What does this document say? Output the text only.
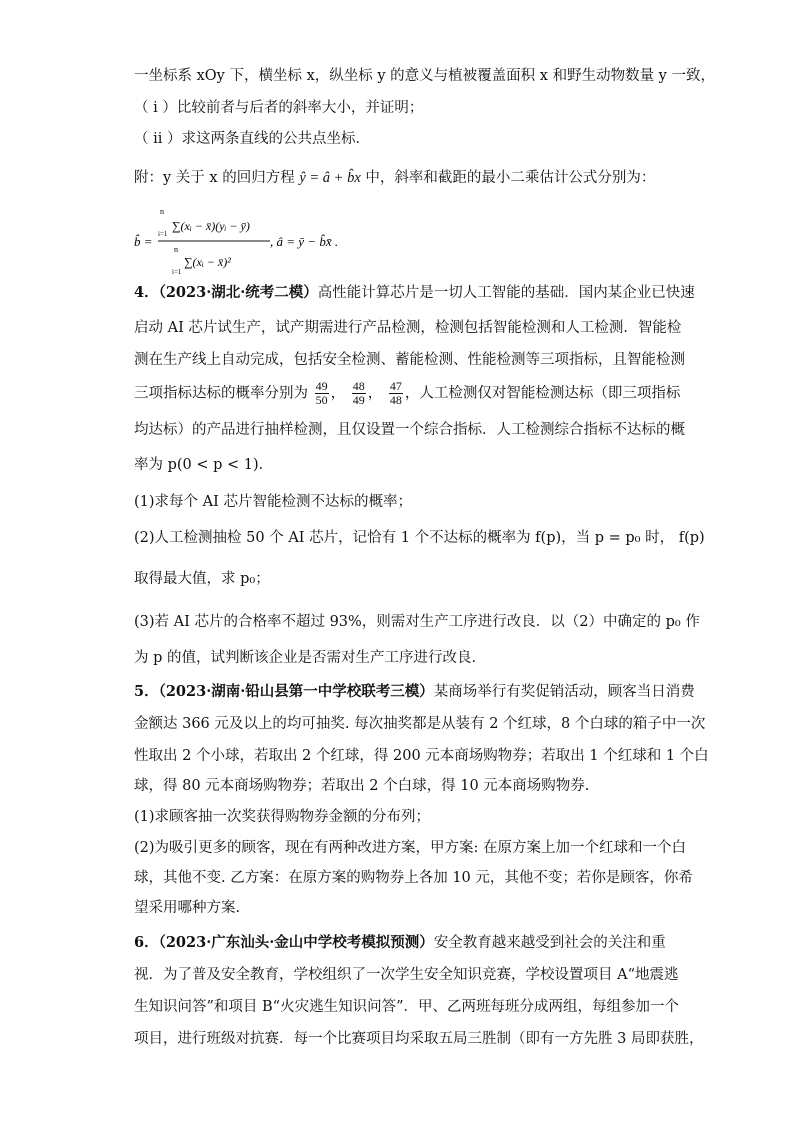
一坐标系 xOy 下，横坐标 x，纵坐标 y 的意义与植被覆盖面积 x 和野生动物数量 y 一致，
（ i ）比较前者与后者的斜率大小，并证明；
（ ii ）求这两条直线的公共点坐标．
附：y 关于 x 的回归方程 ŷ = â + b̂x 中，斜率和截距的最小二乘估计公式分别为：
b̂ =
n
∑(xᵢ − x̄)(yᵢ − ȳ)
i=1
n
∑(xᵢ − x̄)²
i=1
, â = ȳ − b̂x̄ .
4．（2023·湖北·统考二模）高性能计算芯片是一切人工智能的基础．国内某企业已快速
启动 AI 芯片试生产，试产期需进行产品检测，检测包括智能检测和人工检测．智能检
测在生产线上自动完成，包括安全检测、蓄能检测、性能检测等三项指标，且智能检测
三项指标达标的概率分别为 $\frac{49}{50}$ ， $\frac{48}{49}$ ， $\frac{47}{48}$ ，人工检测仅对智能检测达标（即三项指标
均达标）的产品进行抽样检测，且仅设置一个综合指标．人工检测综合指标不达标的概
率为 p(0 < p < 1)．
(1)求每个 AI 芯片智能检测不达标的概率；
(2)人工检测抽检 50 个 AI 芯片，记恰有 1 个不达标的概率为 f(p)，当 p = p₀ 时， f(p)
取得最大值，求 p₀；
(3)若 AI 芯片的合格率不超过 93%，则需对生产工序进行改良．以（2）中确定的 p₀ 作
为 p 的值，试判断该企业是否需对生产工序进行改良．
5．（2023·湖南·铅山县第一中学校联考三模）某商场举行有奖促销活动，顾客当日消费
金额达 366 元及以上的均可抽奖. 每次抽奖都是从装有 2 个红球，8 个白球的箱子中一次
性取出 2 个小球，若取出 2 个红球，得 200 元本商场购物券；若取出 1 个红球和 1 个白
球，得 80 元本商场购物券；若取出 2 个白球，得 10 元本商场购物券.
(1)求顾客抽一次奖获得购物券金额的分布列；
(2)为吸引更多的顾客，现在有两种改进方案，甲方案: 在原方案上加一个红球和一个白
球，其他不变. 乙方案：在原方案的购物券上各加 10 元，其他不变；若你是顾客，你希
望采用哪种方案.
6．（2023·广东汕头·金山中学校考模拟预测）安全教育越来越受到社会的关注和重
视．为了普及安全教育，学校组织了一次学生安全知识竞赛，学校设置项目 A“地震逃
生知识问答”和项目 B“火灾逃生知识问答”．甲、乙两班每班分成两组，每组参加一个
项目，进行班级对抗赛．每一个比赛项目均采取五局三胜制（即有一方先胜 3 局即获胜，
